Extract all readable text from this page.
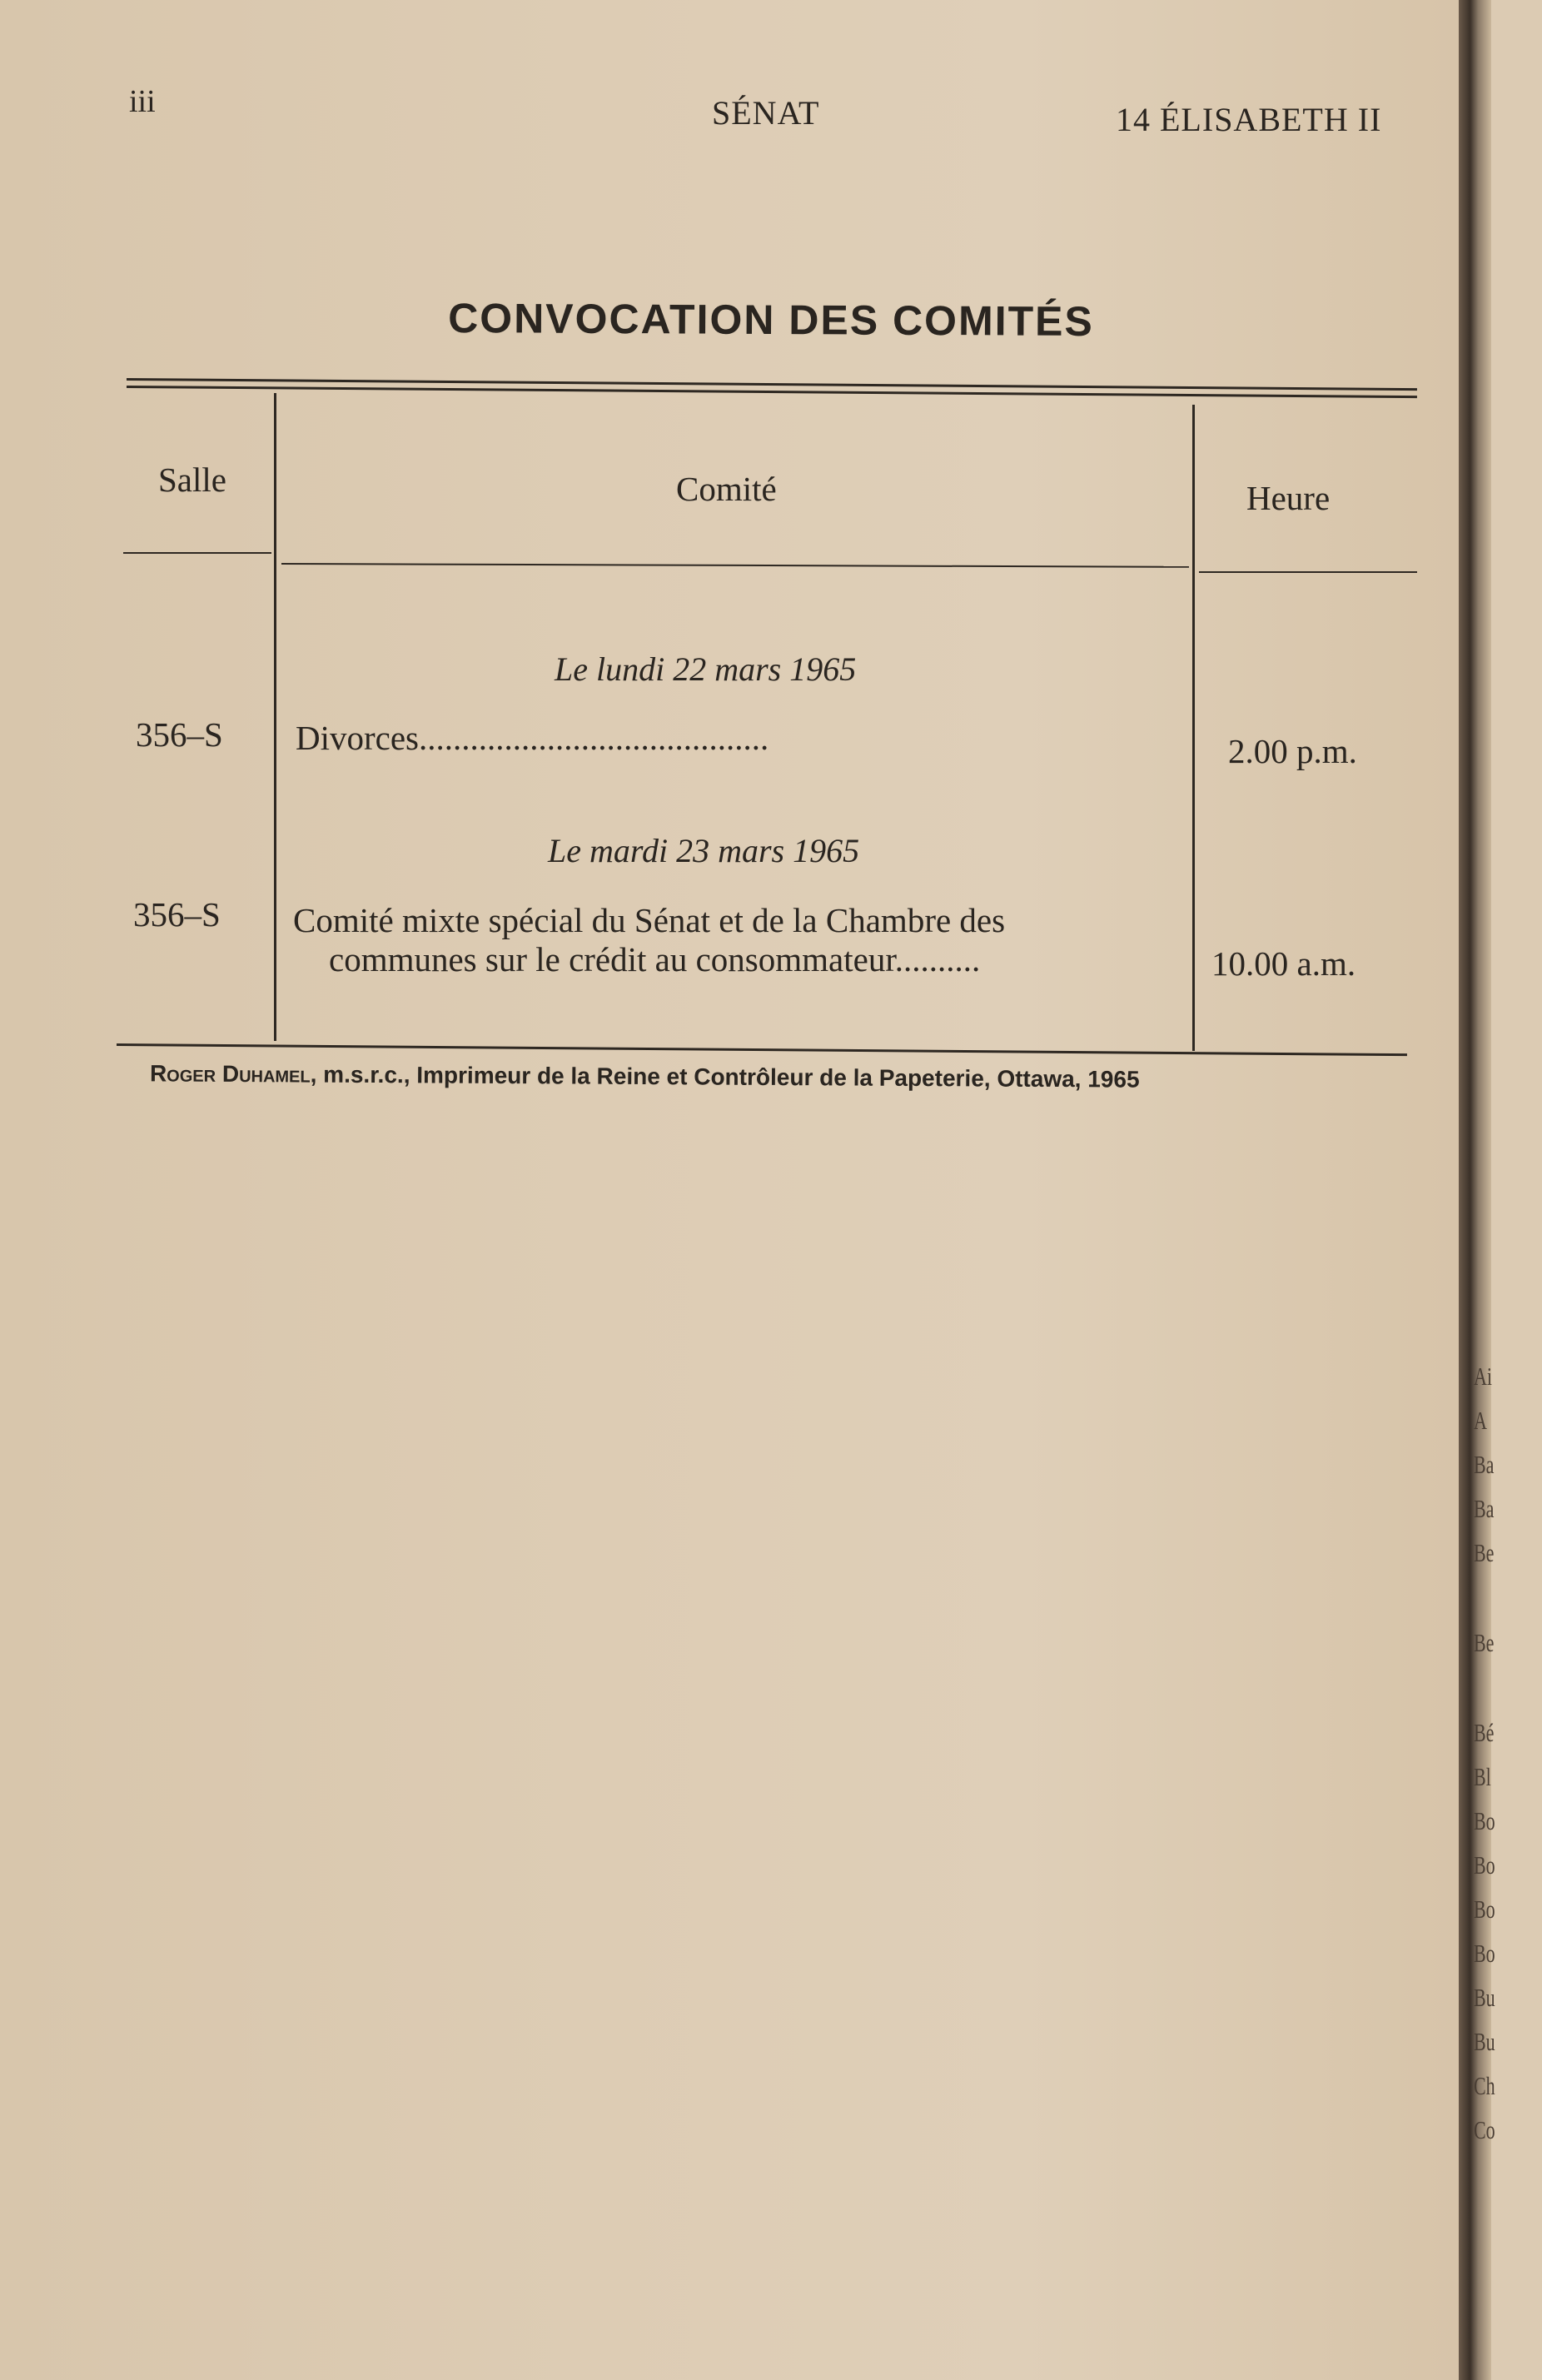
iii	SÉNAT	14 ÉLISABETH II
CONVOCATION DES COMITÉS
Salle	Comité	Heure
Le lundi 22 mars 1965
356–S Divorces.........................................	2.00 p.m.
Le mardi 23 mars 1965
356–S Comité mixte spécial du Sénat et de la Chambre des
communes sur le crédit au consommateur..........	10.00 a.m.
Roger Duhamel, m.s.r.c., Imprimeur de la Reine et Contrôleur de la Papeterie, Ottawa, 1965
Ai
A
Ba
Ba
Be
Be
Bé
Bl
Bo
Bo
Bo
Bo
Bu
Bu
Ch
Co
